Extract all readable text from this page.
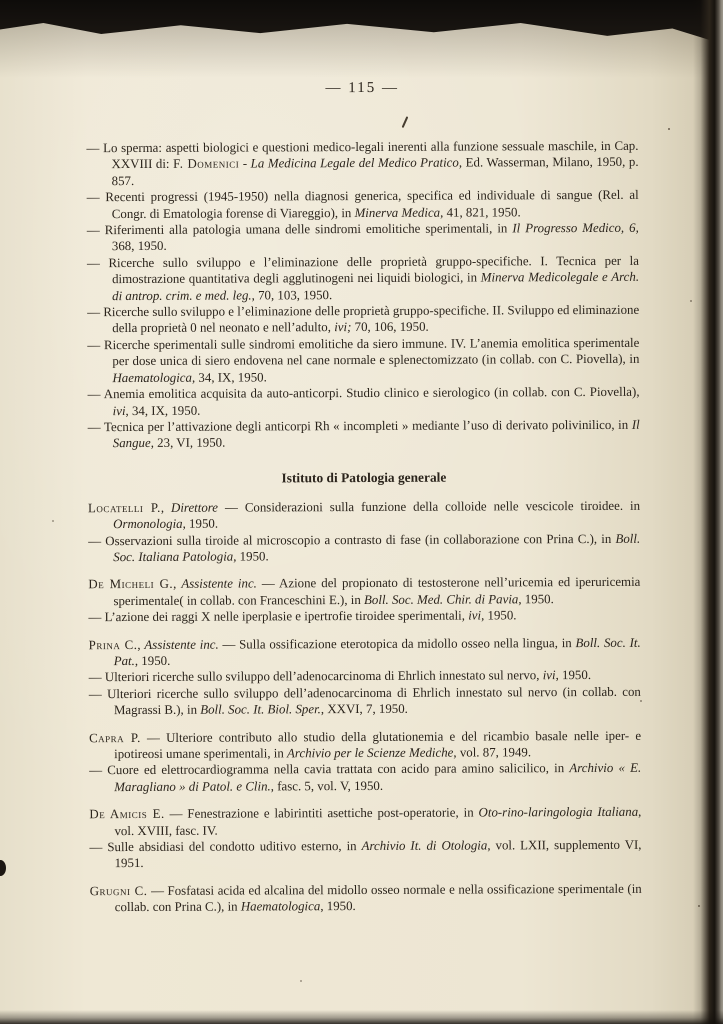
— 115 —

— Lo sperma: aspetti biologici e questioni medico-legali inerenti alla funzione sessuale maschile, in Cap. XXVIII di: F. Domenici - La Medicina Legale del Medico Pratico, Ed. Wasserman, Milano, 1950, p. 857.

— Recenti progressi (1945-1950) nella diagnosi generica, specifica ed individuale di sangue (Rel. al Congr. di Ematologia forense di Viareggio), in Minerva Medica, 41, 821, 1950.

— Riferimenti alla patologia umana delle sindromi emolitiche sperimentali, in Il Progresso Medico, 6, 368, 1950.

— Ricerche sullo sviluppo e l’eliminazione delle proprietà gruppo-specifiche. I. Tecnica per la dimostrazione quantitativa degli agglutinogeni nei liquidi biologici, in Minerva Medicolegale e Arch. di antrop. crim. e med. leg., 70, 103, 1950.

— Ricerche sullo sviluppo e l’eliminazione delle proprietà gruppo-specifiche. II. Sviluppo ed eliminazione della proprietà 0 nel neonato e nell’adulto, ivi; 70, 106, 1950.

— Ricerche sperimentali sulle sindromi emolitiche da siero immune. IV. L’anemia emolitica sperimentale per dose unica di siero endovena nel cane normale e splenectomizzato (in collab. con C. Piovella), in Haematologica, 34, IX, 1950.

— Anemia emolitica acquisita da auto-anticorpi. Studio clinico e sierologico (in collab. con C. Piovella), ivi, 34, IX, 1950.

— Tecnica per l’attivazione degli anticorpi Rh « incompleti » mediante l’uso di derivato polivinilico, in Il Sangue, 23, VI, 1950.

Istituto di Patologia generale

Locatelli P., Direttore — Considerazioni sulla funzione della colloide nelle vescicole tiroidee. in Ormonologia, 1950.

— Osservazioni sulla tiroide al microscopio a contrasto di fase (in collaborazione con Prina C.), in Boll. Soc. Italiana Patologia, 1950.

De Micheli G., Assistente inc. — Azione del propionato di testosterone nell’uricemia ed iperuricemia sperimentale( in collab. con Franceschini E.), in Boll. Soc. Med. Chir. di Pavia, 1950.

— L’azione dei raggi X nelle iperplasie e ipertrofie tiroidee sperimentali, ivi, 1950.

Prina C., Assistente inc. — Sulla ossificazione eterotopica da midollo osseo nella lingua, in Boll. Soc. It. Pat., 1950.

— Ulteriori ricerche sullo sviluppo dell’adenocarcinoma di Ehrlich innestato sul nervo, ivi, 1950.

— Ulteriori ricerche sullo sviluppo dell’adenocarcinoma di Ehrlich innestato sul nervo (in collab. con Magrassi B.), in Boll. Soc. It. Biol. Sper., XXVI, 7, 1950.

Capra P. — Ulteriore contributo allo studio della glutationemia e del ricambio basale nelle iper- e ipotireosi umane sperimentali, in Archivio per le Scienze Mediche, vol. 87, 1949.

— Cuore ed elettrocardiogramma nella cavia trattata con acido para amino salicilico, in Archivio « E. Maragliano » di Patol. e Clin., fasc. 5, vol. V, 1950.

De Amicis E. — Fenestrazione e labirintiti asettiche post-operatorie, in Oto-rino-laringologia Italiana, vol. XVIII, fasc. IV.

— Sulle absidiasi del condotto uditivo esterno, in Archivio It. di Otologia, vol. LXII, supplemento VI, 1951.

Grugni C. — Fosfatasi acida ed alcalina del midollo osseo normale e nella ossificazione sperimentale (in collab. con Prina C.), in Haematologica, 1950.
